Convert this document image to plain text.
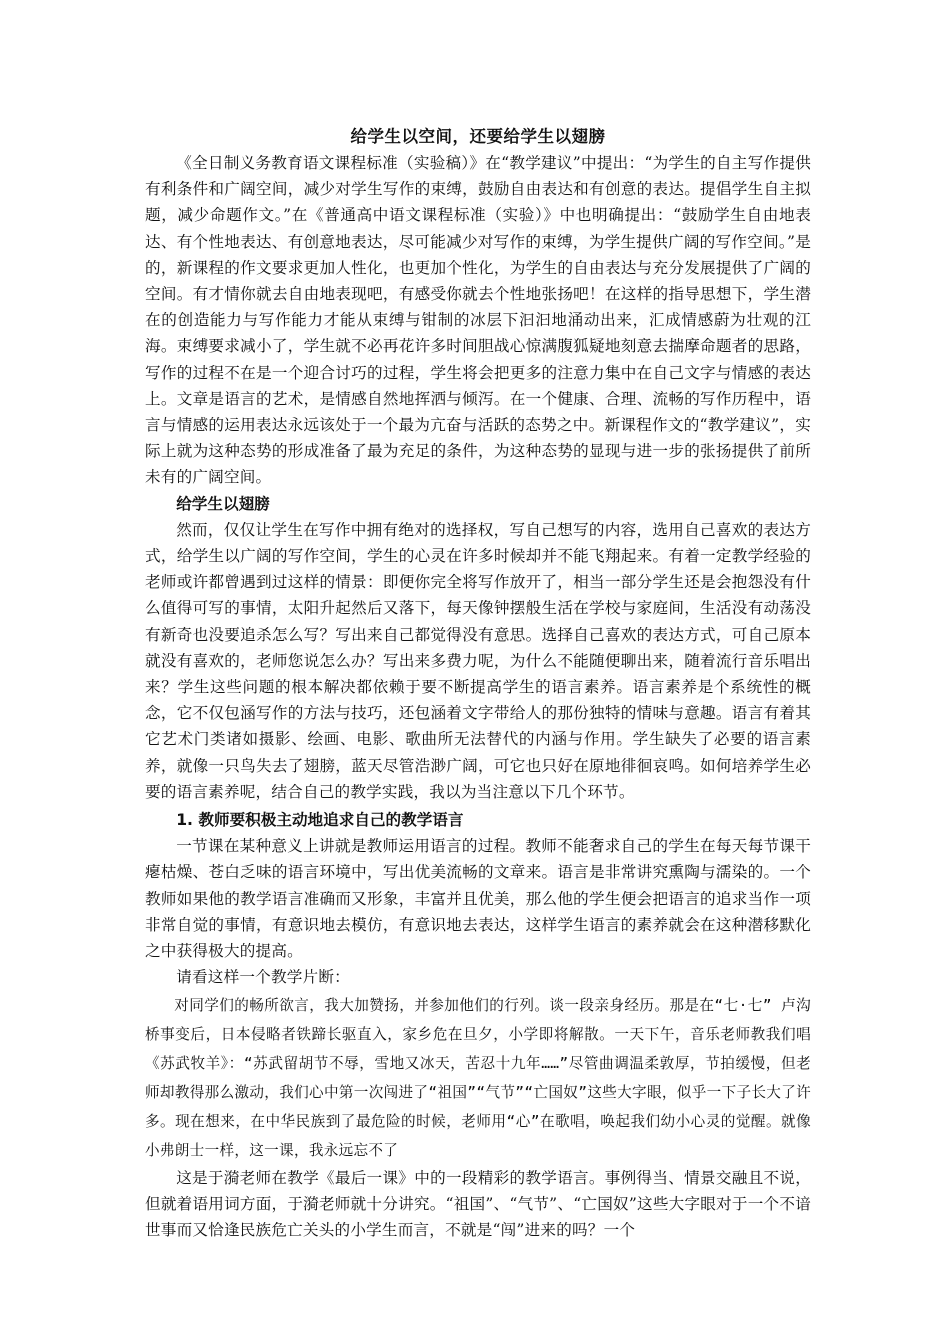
给学生以空间，还要给学生以翅膀

《全日制义务教育语文课程标准（实验稿）》在“教学建议”中提出：“为学生的自主写作提供有利条件和广阔空间，减少对学生写作的束缚，鼓励自由表达和有创意的表达。提倡学生自主拟题，减少命题作文。”在《普通高中语文课程标准（实验）》中也明确提出：“鼓励学生自由地表达、有个性地表达、有创意地表达，尽可能减少对写作的束缚，为学生提供广阔的写作空间。”是的，新课程的作文要求更加人性化，也更加个性化，为学生的自由表达与充分发展提供了广阔的空间。有才情你就去自由地表现吧，有感受你就去个性地张扬吧！在这样的指导思想下，学生潜在的创造能力与写作能力才能从束缚与钳制的冰层下汩汩地涌动出来，汇成情感蔚为壮观的江海。束缚要求减小了，学生就不必再花许多时间胆战心惊满腹狐疑地刻意去揣摩命题者的思路，写作的过程不在是一个迎合讨巧的过程，学生将会把更多的注意力集中在自己文字与情感的表达上。文章是语言的艺术，是情感自然地挥洒与倾泻。在一个健康、合理、流畅的写作历程中，语言与情感的运用表达永远该处于一个最为亢奋与活跃的态势之中。新课程作文的“教学建议”，实际上就为这种态势的形成准备了最为充足的条件，为这种态势的显现与进一步的张扬提供了前所未有的广阔空间。

给学生以翅膀

然而，仅仅让学生在写作中拥有绝对的选择权，写自己想写的内容，选用自己喜欢的表达方式，给学生以广阔的写作空间，学生的心灵在许多时候却并不能飞翔起来。有着一定教学经验的老师或许都曾遇到过这样的情景：即便你完全将写作放开了，相当一部分学生还是会抱怨没有什么值得可写的事情，太阳升起然后又落下，每天像钟摆般生活在学校与家庭间，生活没有动荡没有新奇也没要追杀怎么写？写出来自己都觉得没有意思。选择自己喜欢的表达方式，可自己原本就没有喜欢的，老师您说怎么办？写出来多费力呢，为什么不能随便聊出来，随着流行音乐唱出来？学生这些问题的根本解决都依赖于要不断提高学生的语言素养。语言素养是个系统性的概念，它不仅包涵写作的方法与技巧，还包涵着文字带给人的那份独特的情味与意趣。语言有着其它艺术门类诸如摄影、绘画、电影、歌曲所无法替代的内涵与作用。学生缺失了必要的语言素养，就像一只鸟失去了翅膀，蓝天尽管浩渺广阔，可它也只好在原地徘徊哀鸣。如何培养学生必要的语言素养呢，结合自己的教学实践，我以为当注意以下几个环节。

1. 教师要积极主动地追求自己的教学语言

一节课在某种意义上讲就是教师运用语言的过程。教师不能奢求自己的学生在每天每节课干瘪枯燥、苍白乏味的语言环境中，写出优美流畅的文章来。语言是非常讲究熏陶与濡染的。一个教师如果他的教学语言准确而又形象，丰富并且优美，那么他的学生便会把语言的追求当作一项非常自觉的事情，有意识地去模仿，有意识地去表达，这样学生语言的素养就会在这种潜移默化之中获得极大的提高。

请看这样一个教学片断：

对同学们的畅所欲言，我大加赞扬，并参加他们的行列。谈一段亲身经历。那是在“七·七” 卢沟桥事变后，日本侵略者铁蹄长驱直入，家乡危在旦夕，小学即将解散。一天下午，音乐老师教我们唱《苏武牧羊》：“苏武留胡节不辱，雪地又冰天，苦忍十九年……”尽管曲调温柔敦厚，节拍缓慢，但老师却教得那么激动，我们心中第一次闯进了“祖国”“气节”“亡国奴”这些大字眼，似乎一下子长大了许多。现在想来，在中华民族到了最危险的时候，老师用“心”在歌唱，唤起我们幼小心灵的觉醒。就像小弗朗士一样，这一课，我永远忘不了

这是于漪老师在教学《最后一课》中的一段精彩的教学语言。事例得当、情景交融且不说，但就着语用词方面，于漪老师就十分讲究。“祖国”、“气节”、“亡国奴”这些大字眼对于一个不谙世事而又恰逢民族危亡关头的小学生而言，不就是“闯”进来的吗？一个
